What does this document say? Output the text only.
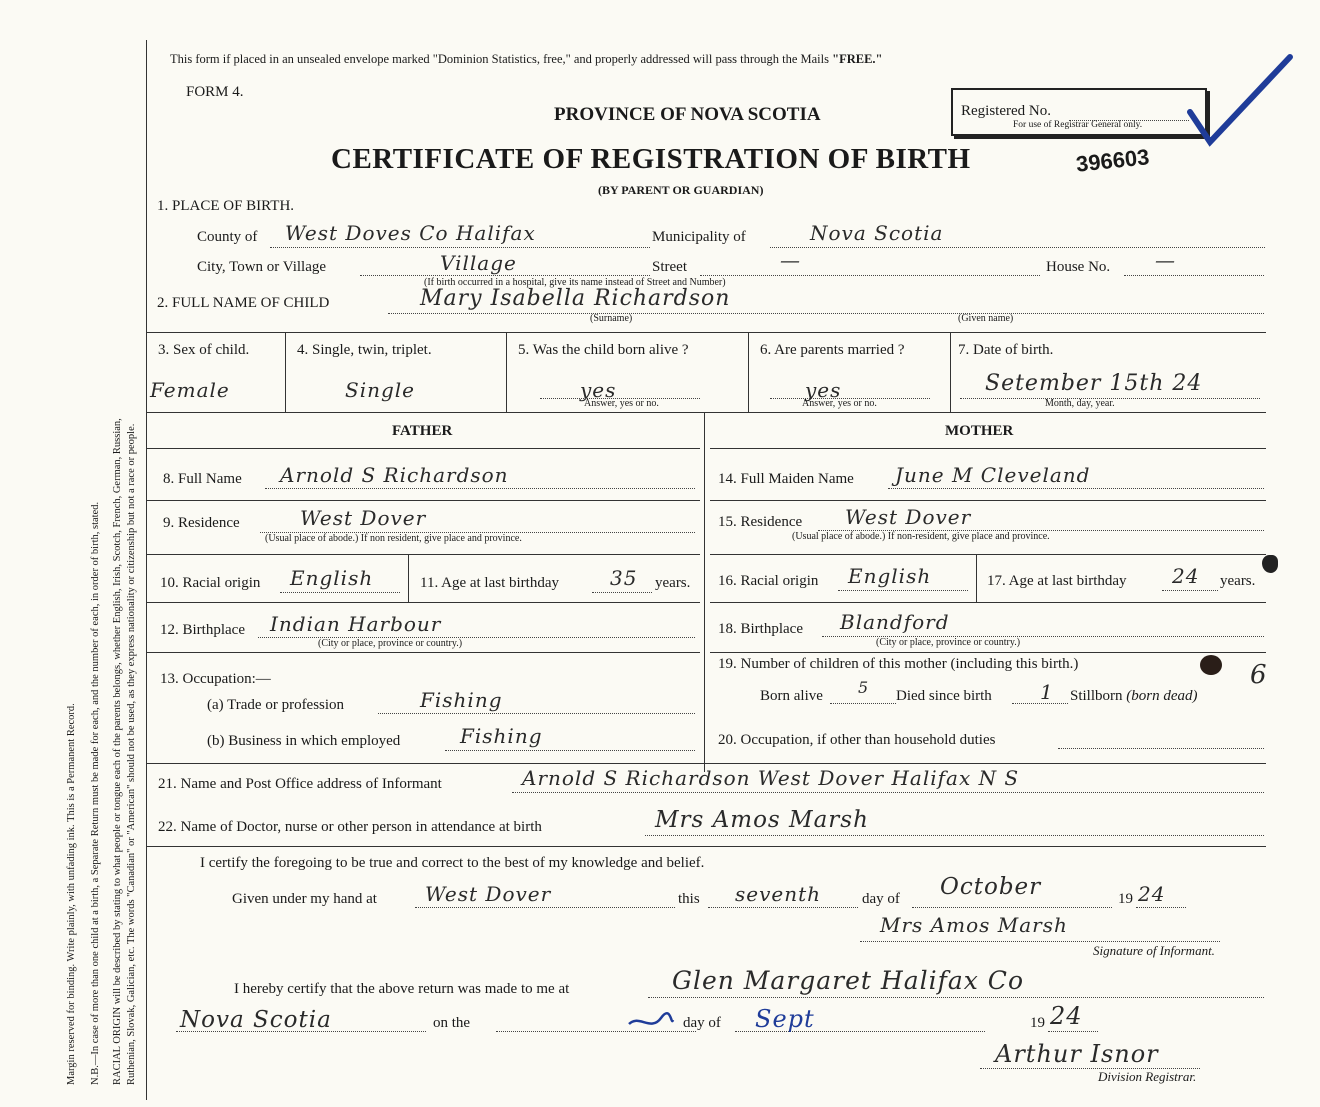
Margin reserved for binding. Write plainly, with unfading ink. This is a Permanent Record. N.B.—In case of more than one child at a birth, a Separate Return must be made for each, and the number of each, in order of birth, stated. RACIAL ORIGIN will be described by stating to what people or tongue each of the parents belongs, whether English, Irish, Scotch, French, German, Russian, Ruthenian, Slovak, Galician, etc. The words "Canadian" or "American" should not be used, as they express nationality or citizenship but not a race or people.
This form if placed in an unsealed envelope marked "Dominion Statistics, free," and properly addressed will pass through the Mails "FREE."
FORM 4.
PROVINCE OF NOVA SCOTIA
CERTIFICATE OF REGISTRATION OF BIRTH
(BY PARENT OR GUARDIAN)
Registered No.
For use of Registrar General only.
396603
1. PLACE OF BIRTH.
County of West Doves Co Halifax	Municipality of	Nova Scotia
City, Town or Village	Village	Street	—	House No. —
(If birth occurred in a hospital, give its name instead of Street and Number)
2. FULL NAME OF CHILD	Mary Isabella Richardson
(Surname)	(Given name)
3. Sex of child.
Female
4. Single, twin, triplet.
Single
5. Was the child born alive ?
yes
Answer, yes or no.
6. Are parents married ?
yes
Answer, yes or no.
7. Date of birth.
Setember 15th 24
Month, day, year.
FATHER	MOTHER
8. Full Name Arnold S Richardson
9. Residence	West Dover
(Usual place of abode.) If non resident, give place and province.
10. Racial origin English	11. Age at last birthday	35 years.
12. Birthplace Indian Harbour
(City or place, province or country.)
13. Occupation:—
(a) Trade or profession	Fishing
(b) Business in which employed	Fishing
14. Full Maiden Name June M Cleveland
15. Residence West Dover
(Usual place of abode.) If non-resident, give place and province.
16. Racial origin English	17. Age at last birthday 24 years.
18. Birthplace Blandford
(City or place, province or country.)
19. Number of children of this mother (including this birth.)
Born alive 5 Died since birth 1 Stillborn (born dead)
6
20. Occupation, if other than household duties
21. Name and Post Office address of Informant	Arnold S Richardson West Dover Halifax N S
22. Name of Doctor, nurse or other person in attendance at birth	Mrs Amos Marsh
I certify the foregoing to be true and correct to the best of my knowledge and belief.
Given under my hand at West Dover	this seventh	day of October	19 24
Mrs Amos Marsh
Signature of Informant.
I hereby certify that the above return was made to me at	Glen Margaret Halifax Co
Nova Scotia	on the	day of Sept	19 24
Arthur Isnor
Division Registrar.
